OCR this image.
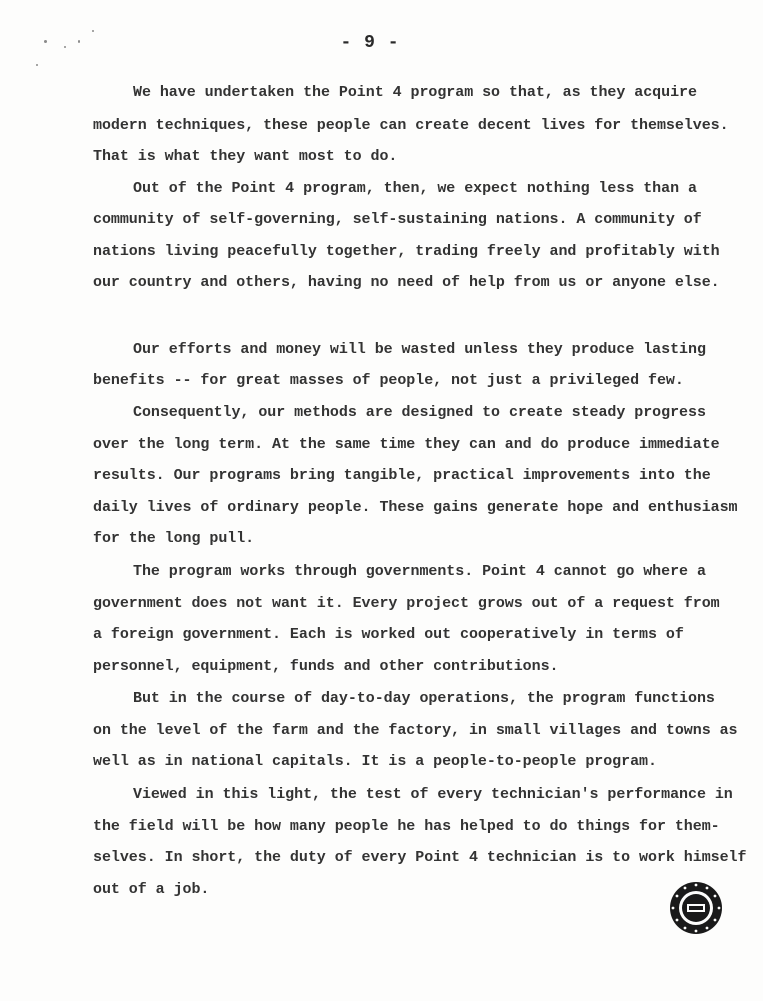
- 9 -
We have undertaken the Point 4 program so that, as they acquire
modern techniques, these people can create decent lives for themselves.
That is what they want most to do.
Out of the Point 4 program, then, we expect nothing less than a
community of self-governing, self-sustaining nations. A community of
nations living peacefully together, trading freely and profitably with
our country and others, having no need of help from us or anyone else.
Our efforts and money will be wasted unless they produce lasting
benefits -- for great masses of people, not just a privileged few.
Consequently, our methods are designed to create steady progress
over the long term. At the same time they can and do produce immediate
results. Our programs bring tangible, practical improvements into the
daily lives of ordinary people. These gains generate hope and enthusiasm
for the long pull.
The program works through governments. Point 4 cannot go where a
government does not want it. Every project grows out of a request from
a foreign government. Each is worked out cooperatively in terms of
personnel, equipment, funds and other contributions.
But in the course of day-to-day operations, the program functions
on the level of the farm and the factory, in small villages and towns as
well as in national capitals. It is a people-to-people program.
Viewed in this light, the test of every technician's performance in
the field will be how many people he has helped to do things for them-
selves. In short, the duty of every Point 4 technician is to work himself
out of a job.
